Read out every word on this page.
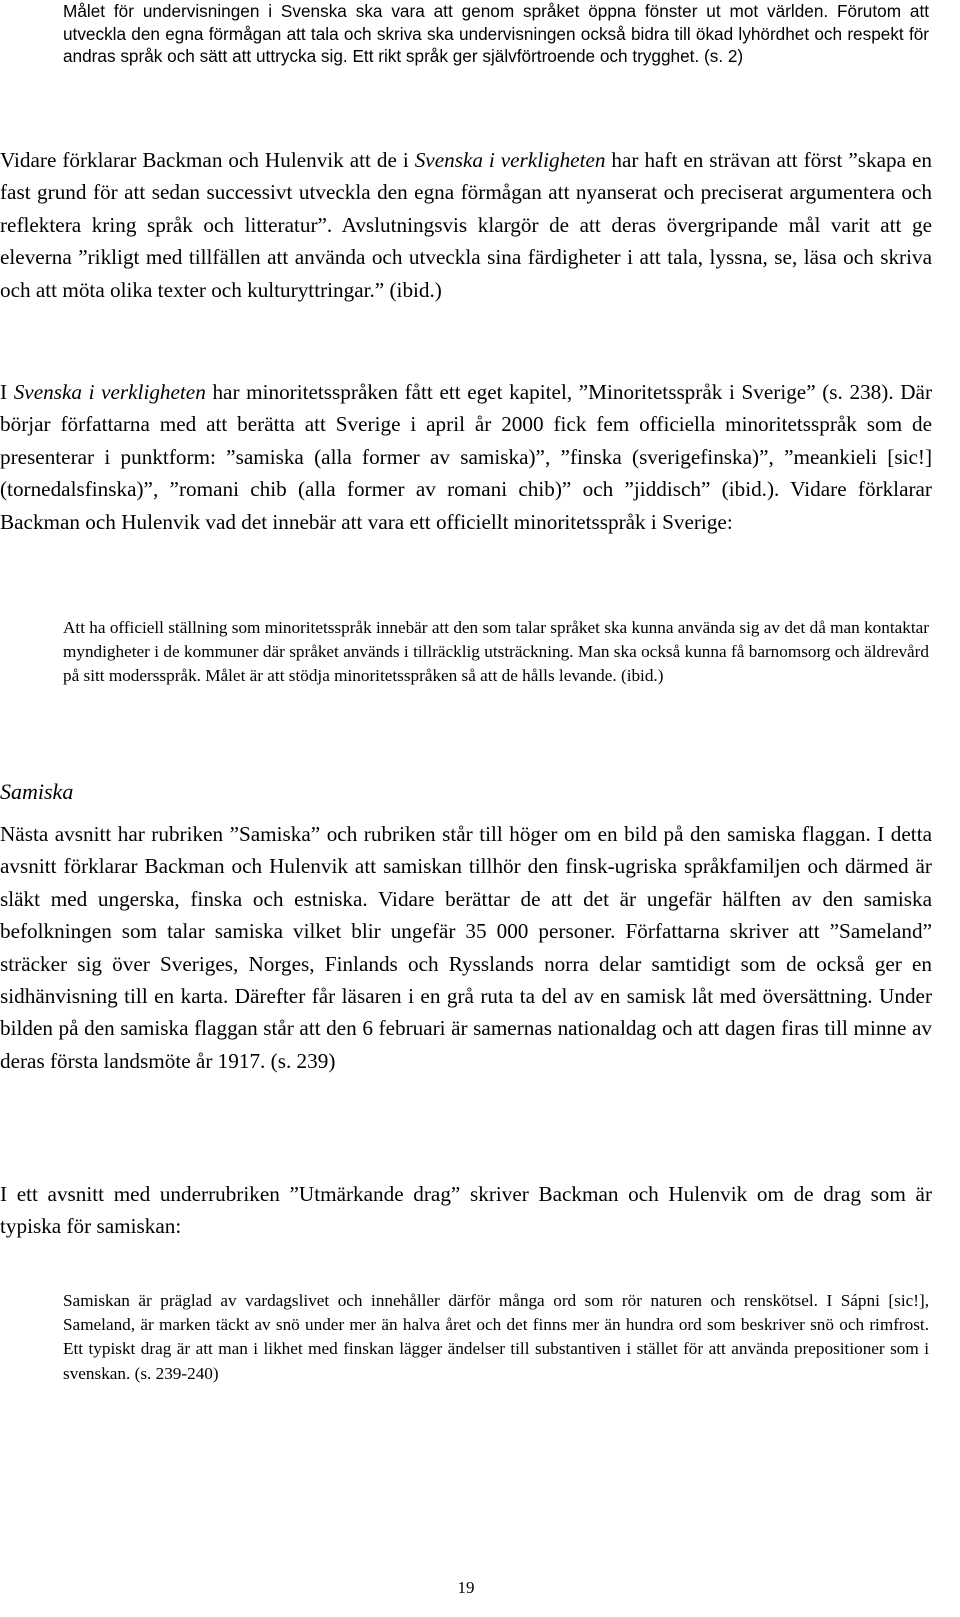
Målet för undervisningen i Svenska ska vara att genom språket öppna fönster ut mot världen. Förutom att utveckla den egna förmågan att tala och skriva ska undervisningen också bidra till ökad lyhördhet och respekt för andras språk och sätt att uttrycka sig. Ett rikt språk ger självförtroende och trygghet. (s. 2)

Vidare förklarar Backman och Hulenvik att de i Svenska i verkligheten har haft en strävan att först ”skapa en fast grund för att sedan successivt utveckla den egna förmågan att nyanserat och preciserat argumentera och reflektera kring språk och litteratur”. Avslutningsvis klargör de att deras övergripande mål varit att ge eleverna ”rikligt med tillfällen att använda och utveckla sina färdigheter i att tala, lyssna, se, läsa och skriva och att möta olika texter och kulturyttringar.” (ibid.)

I Svenska i verkligheten har minoritetsspråken fått ett eget kapitel, ”Minoritetsspråk i Sverige” (s. 238). Där börjar författarna med att berätta att Sverige i april år 2000 fick fem officiella minoritetsspråk som de presenterar i punktform: ”samiska (alla former av samiska)”, ”finska (sverigefinska)”, ”meankieli [sic!] (tornedalsfinska)”, ”romani chib (alla former av romani chib)” och ”jiddisch” (ibid.). Vidare förklarar Backman och Hulenvik vad det innebär att vara ett officiellt minoritetsspråk i Sverige:

Att ha officiell ställning som minoritetsspråk innebär att den som talar språket ska kunna använda sig av det då man kontaktar myndigheter i de kommuner där språket används i tillräcklig utsträckning. Man ska också kunna få barnomsorg och äldrevård på sitt modersspråk. Målet är att stödja minoritetsspråken så att de hålls levande. (ibid.)

Samiska

Nästa avsnitt har rubriken ”Samiska” och rubriken står till höger om en bild på den samiska flaggan. I detta avsnitt förklarar Backman och Hulenvik att samiskan tillhör den finsk-ugriska språkfamiljen och därmed är släkt med ungerska, finska och estniska. Vidare berättar de att det är ungefär hälften av den samiska befolkningen som talar samiska vilket blir ungefär 35 000 personer. Författarna skriver att ”Sameland” sträcker sig över Sveriges, Norges, Finlands och Rysslands norra delar samtidigt som de också ger en sidhänvisning till en karta. Därefter får läsaren i en grå ruta ta del av en samisk låt med översättning. Under bilden på den samiska flaggan står att den 6 februari är samernas nationaldag och att dagen firas till minne av deras första landsmöte år 1917. (s. 239)

I ett avsnitt med underrubriken ”Utmärkande drag” skriver Backman och Hulenvik om de drag som är typiska för samiskan:

Samiskan är präglad av vardagslivet och innehåller därför många ord som rör naturen och renskötsel. I Sápni [sic!], Sameland, är marken täckt av snö under mer än halva året och det finns mer än hundra ord som beskriver snö och rimfrost. Ett typiskt drag är att man i likhet med finskan lägger ändelser till substantiven i stället för att använda prepositioner som i svenskan. (s. 239-240)

19
